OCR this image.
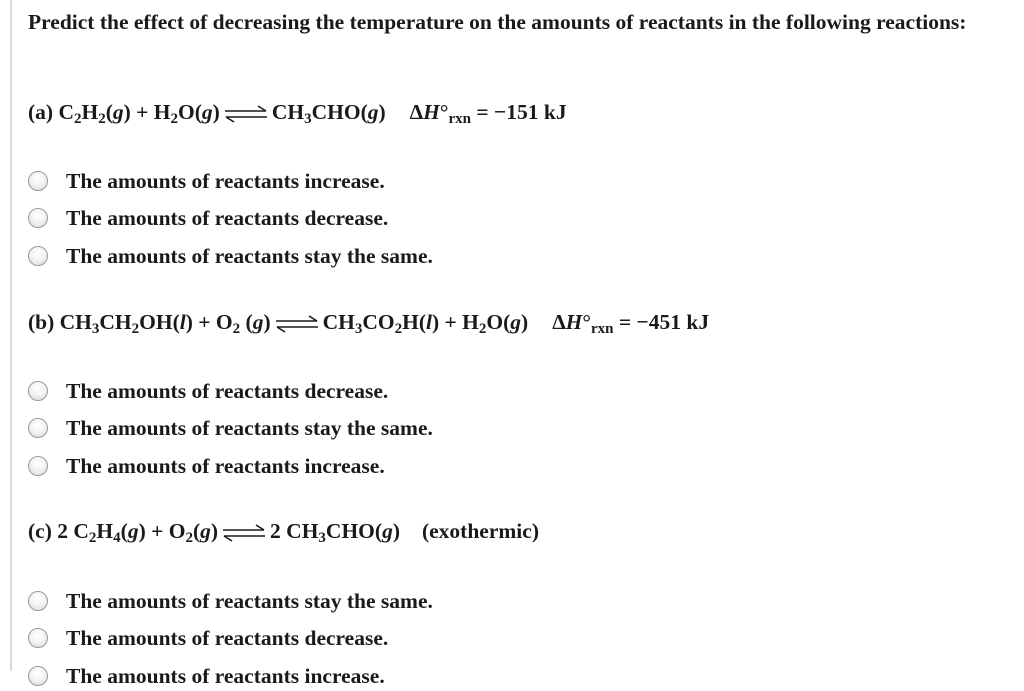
Predict the effect of decreasing the temperature on the amounts of reactants in the following reactions:
(a) $C_2H_2(g) + H_2O(g)$ ⇌ $CH_3CHO(g) \Delta H^\circ_{rxn} = -151$ kJ
The amounts of reactants increase.
The amounts of reactants decrease.
The amounts of reactants stay the same.
(b) $CH_3CH_2OH(l) + O_2$ (g) ⇌ $CH_3CO_2H(l) + H_2O(g) \Delta H^\circ_{rxn} = -451$ kJ
The amounts of reactants decrease.
The amounts of reactants stay the same.
The amounts of reactants increase.
(c) 2 $C_2H_4(g) + O_2(g)$ ⇌ 2 $CH_3CHO(g)$ (exothermic)
The amounts of reactants stay the same.
The amounts of reactants decrease.
The amounts of reactants increase.
